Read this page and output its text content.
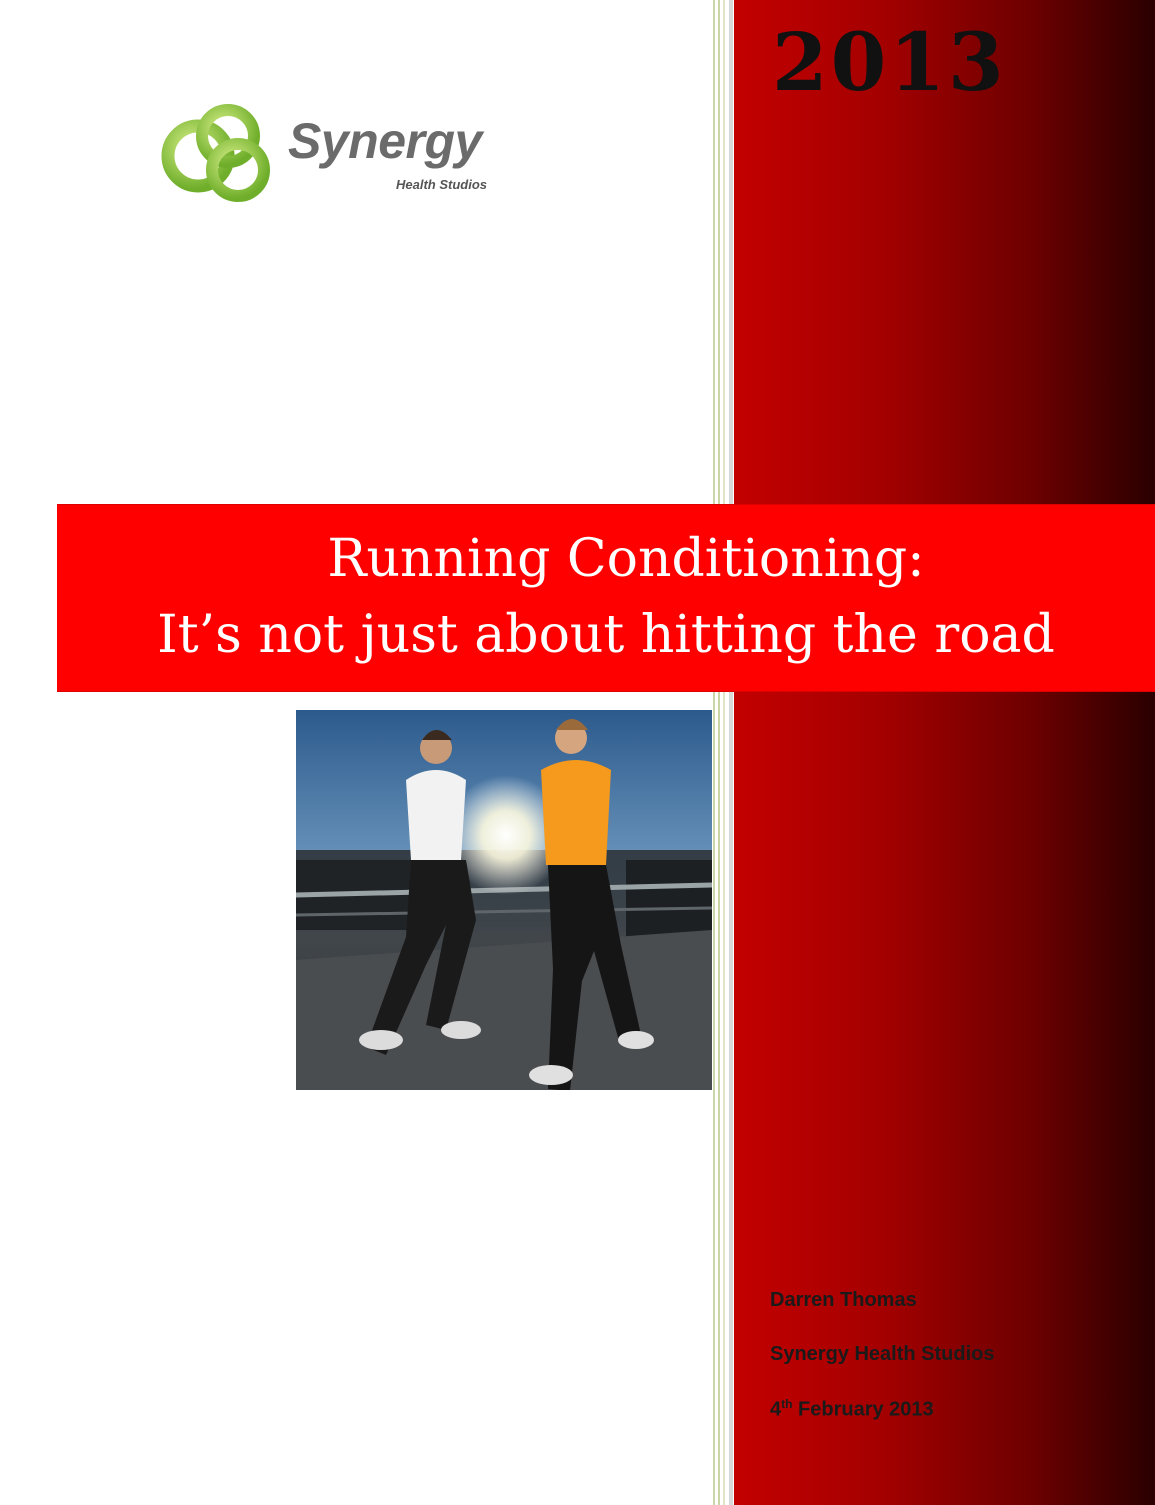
2013
Synergy
Health Studios
Running Conditioning:
It’s not just about hitting the road
Darren Thomas
Synergy Health Studios
4th February 2013
